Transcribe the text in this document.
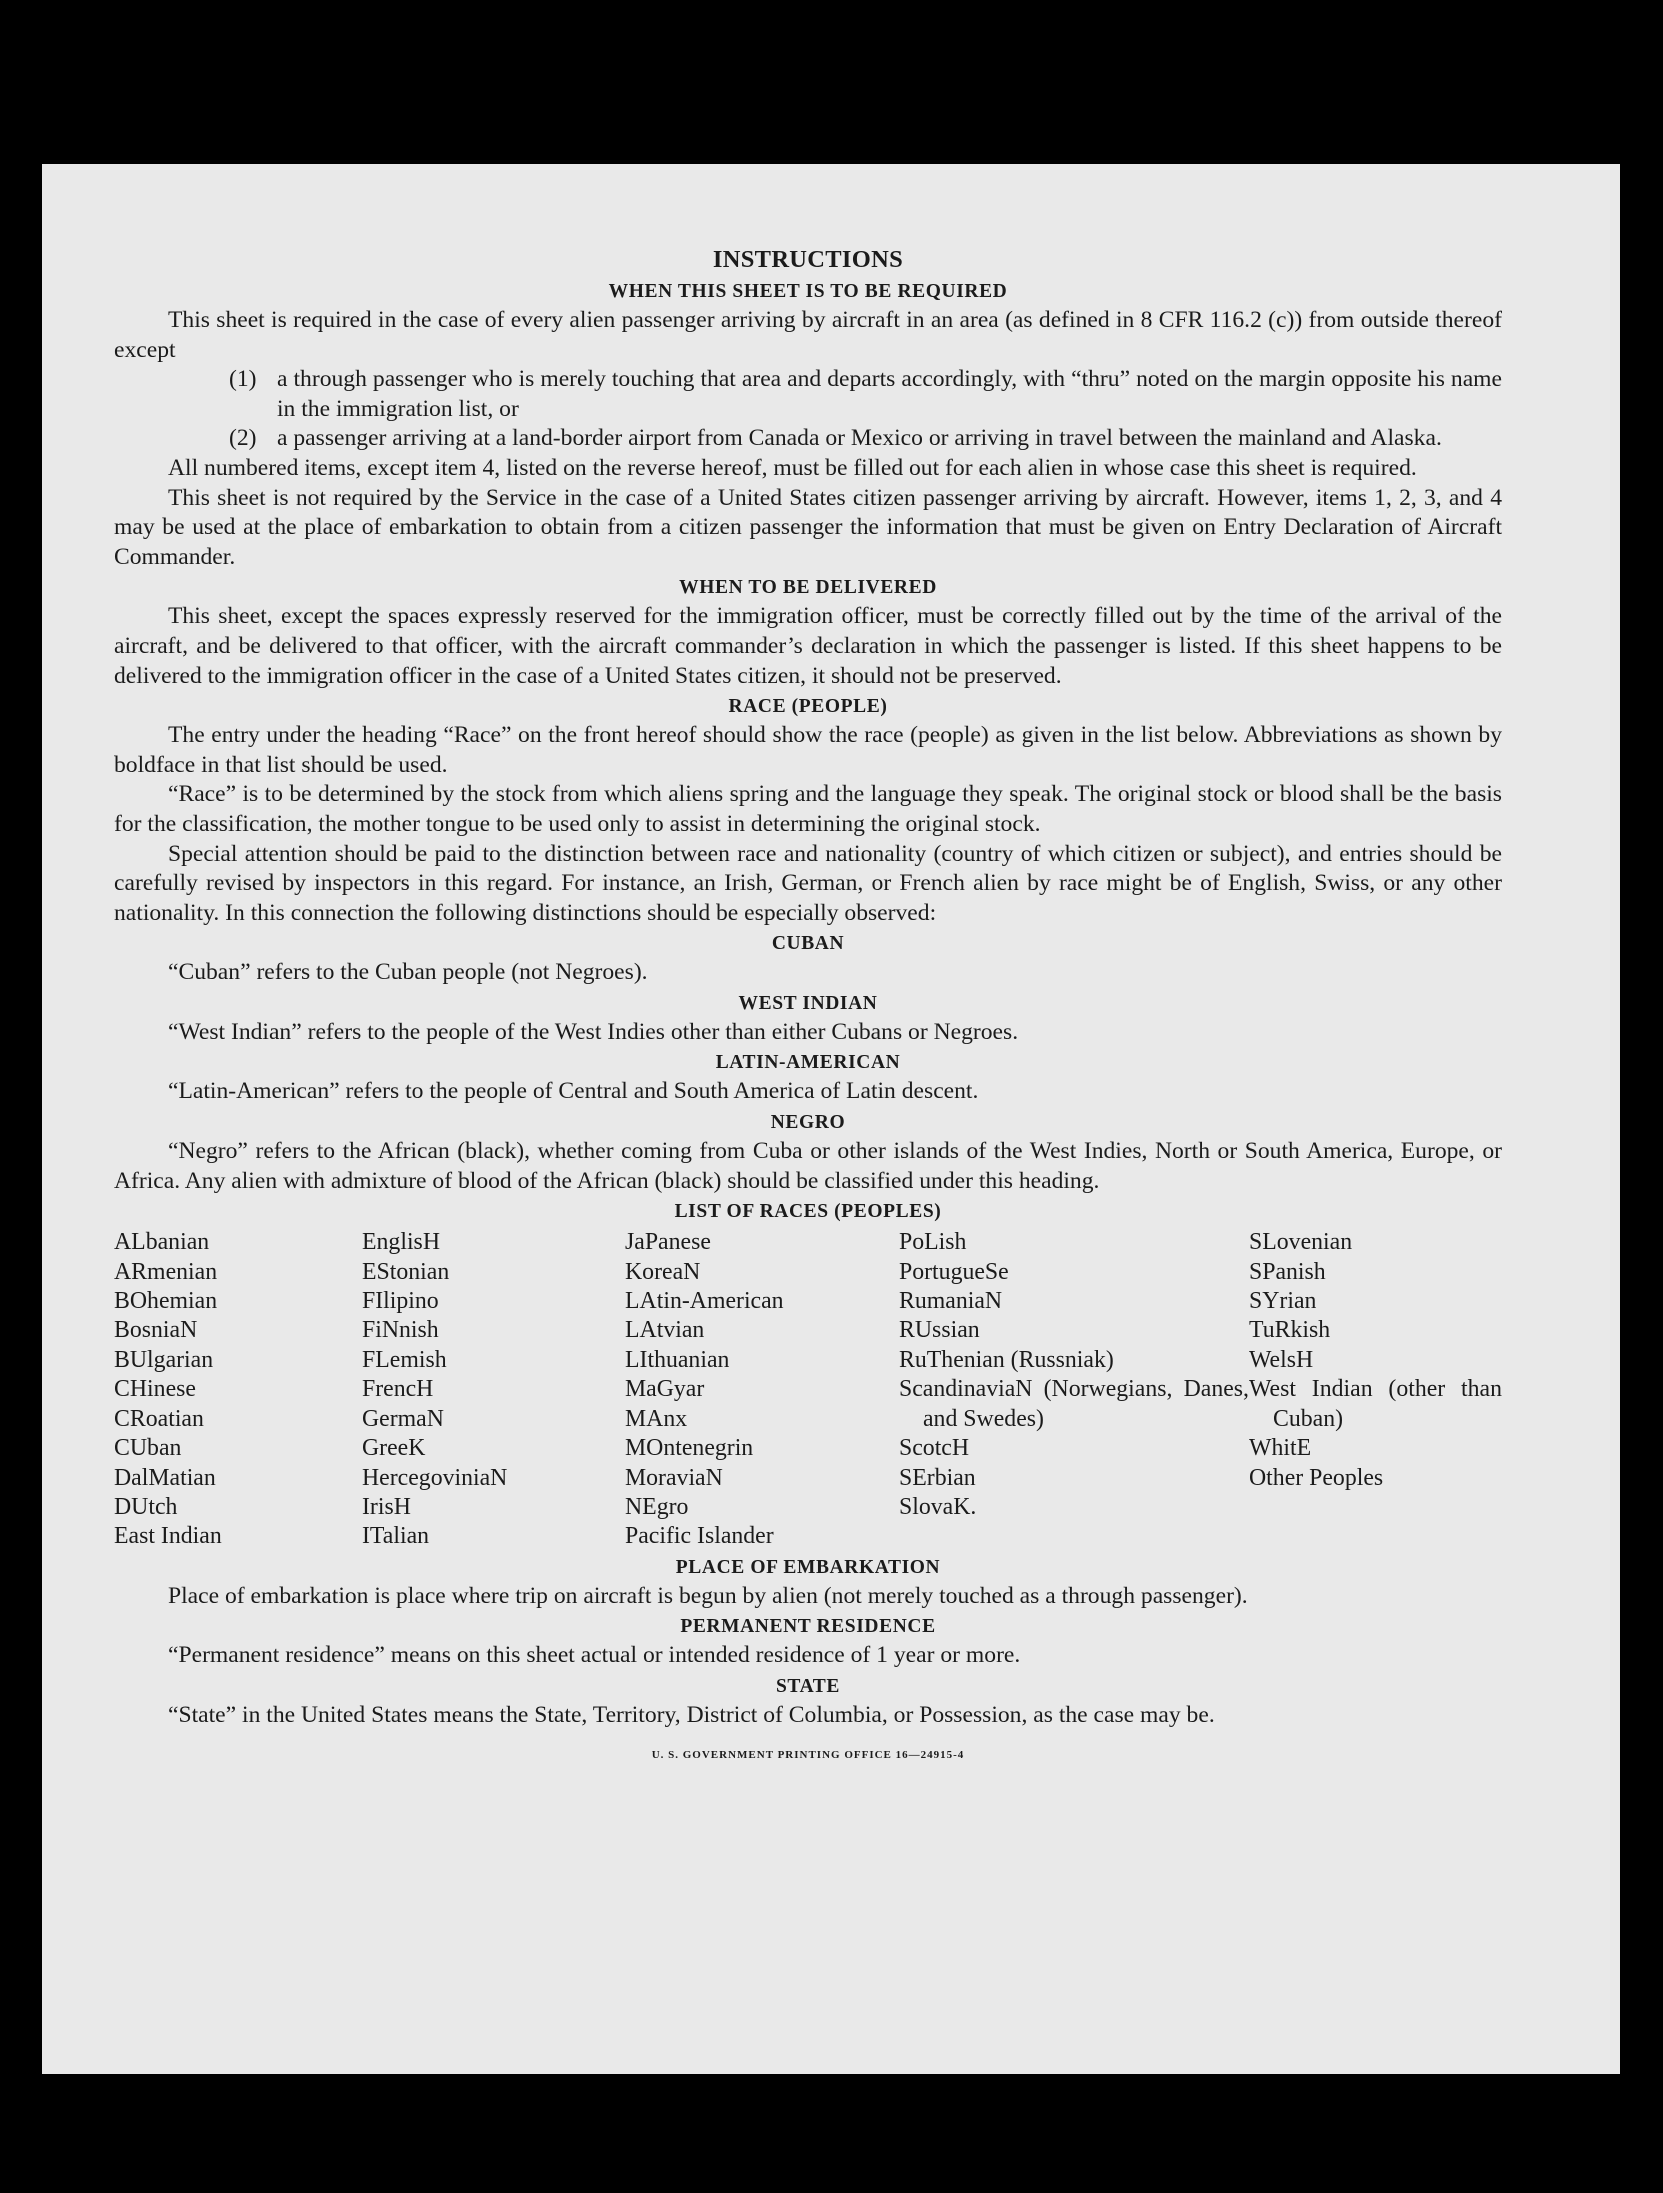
INSTRUCTIONS
WHEN THIS SHEET IS TO BE REQUIRED

This sheet is required in the case of every alien passenger arriving by aircraft in an area (as defined in 8 CFR 116.2 (c)) from outside thereof except

(1) a through passenger who is merely touching that area and departs accordingly, with “thru” noted on the margin opposite his name in the immigration list, or
(2) a passenger arriving at a land-border airport from Canada or Mexico or arriving in travel between the mainland and Alaska.

All numbered items, except item 4, listed on the reverse hereof, must be filled out for each alien in whose case this sheet is required.

This sheet is not required by the Service in the case of a United States citizen passenger arriving by aircraft. However, items 1, 2, 3, and 4 may be used at the place of embarkation to obtain from a citizen passenger the information that must be given on Entry Declaration of Aircraft Commander.

WHEN TO BE DELIVERED

This sheet, except the spaces expressly reserved for the immigration officer, must be correctly filled out by the time of the arrival of the aircraft, and be delivered to that officer, with the aircraft commander’s declaration in which the passenger is listed. If this sheet happens to be delivered to the immigration officer in the case of a United States citizen, it should not be preserved.

RACE (PEOPLE)

The entry under the heading “Race” on the front hereof should show the race (people) as given in the list below. Abbreviations as shown by boldface in that list should be used.

“Race” is to be determined by the stock from which aliens spring and the language they speak. The original stock or blood shall be the basis for the classification, the mother tongue to be used only to assist in determining the original stock.

Special attention should be paid to the distinction between race and nationality (country of which citizen or subject), and entries should be carefully revised by inspectors in this regard. For instance, an Irish, German, or French alien by race might be of English, Swiss, or any other nationality. In this connection the following distinctions should be especially observed:

CUBAN

“Cuban” refers to the Cuban people (not Negroes).

WEST INDIAN

“West Indian” refers to the people of the West Indies other than either Cubans or Negroes.

LATIN-AMERICAN

“Latin-American” refers to the people of Central and South America of Latin descent.

NEGRO

“Negro” refers to the African (black), whether coming from Cuba or other islands of the West Indies, North or South America, Europe, or Africa. Any alien with admixture of blood of the African (black) should be classified under this heading.

LIST OF RACES (PEOPLES)
ALbanian
ARmenian
BOhemian
BosniaN
BUlgarian
CHinese
CRoatian
CUban
DalMatian
DUtch
East Indian
EnglisH
EStonian
FIlipino
FiNnish
FLemish
FrencH
GermaN
GreeK
HercegoviniaN
IrisH
ITalian
JaPanese
KoreaN
LAtin-American
LAtvian
LIthuanian
MaGyar
MAnx
MOntenegrin
MoraviaN
NEgro
Pacific Islander
PoLish
PortugueSe
RumaniaN
RUssian
RuThenian (Russniak)
ScandinaviaN (Norwegians, Danes, and Swedes)
ScotcH
SErbian
SlovaK.
SLovenian
SPanish
SYrian
TuRkish
WelsH
West Indian (other than Cuban)
WhitE
Other Peoples
PLACE OF EMBARKATION

Place of embarkation is place where trip on aircraft is begun by alien (not merely touched as a through passenger).

PERMANENT RESIDENCE

“Permanent residence” means on this sheet actual or intended residence of 1 year or more.

STATE

“State” in the United States means the State, Territory, District of Columbia, or Possession, as the case may be.

U. S. GOVERNMENT PRINTING OFFICE 16—24915-4
